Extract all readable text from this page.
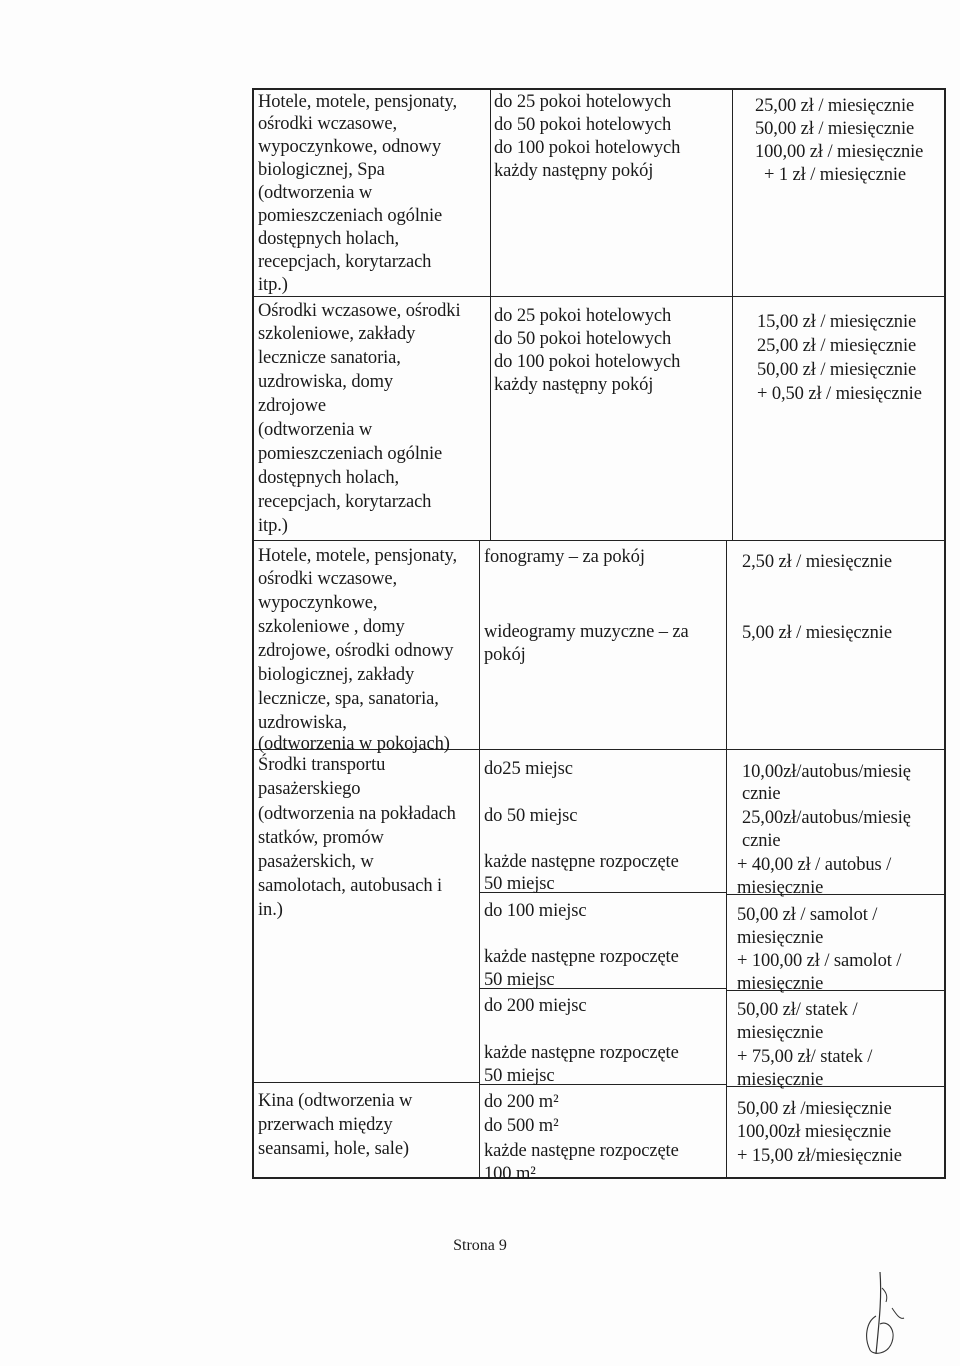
Hotele, motele, pensjonaty,
ośrodki wczasowe,
wypoczynkowe, odnowy
biologicznej, Spa
(odtworzenia w
pomieszczeniach ogólnie
dostępnych holach,
recepcjach, korytarzach
itp.)
do 25 pokoi hotelowych
do 50 pokoi hotelowych
do 100 pokoi hotelowych
każdy następny pokój
25,00 zł / miesięcznie
50,00 zł / miesięcznie
100,00 zł / miesięcznie
+ 1 zł / miesięcznie
Ośrodki wczasowe, ośrodki
szkoleniowe, zakłady
lecznicze sanatoria,
uzdrowiska, domy
zdrojowe
(odtworzenia w
pomieszczeniach ogólnie
dostępnych holach,
recepcjach, korytarzach
itp.)
do 25 pokoi hotelowych
do 50 pokoi hotelowych
do 100 pokoi hotelowych
każdy następny pokój
15,00 zł / miesięcznie
25,00 zł / miesięcznie
50,00 zł / miesięcznie
+ 0,50 zł / miesięcznie
Hotele, motele, pensjonaty,
ośrodki wczasowe,
wypoczynkowe,
szkoleniowe , domy
zdrojowe, ośrodki odnowy
biologicznej, zakłady
lecznicze, spa, sanatoria,
uzdrowiska,
(odtworzenia w pokojach)
fonogramy – za pokój
wideogramy muzyczne – za
pokój
2,50 zł / miesięcznie
5,00 zł / miesięcznie
Środki transportu
pasażerskiego
(odtworzenia na pokładach
statków, promów
pasażerskich, w
samolotach, autobusach i
in.)
do25 miejsc
do 50 miejsc
każde następne rozpoczęte
50 miejsc
do 100 miejsc
każde następne rozpoczęte
50 miejsc
do 200 miejsc
każde następne rozpoczęte
50 miejsc
10,00zł/autobus/miesię
cznie
25,00zł/autobus/miesię
cznie
+ 40,00 zł / autobus /
miesięcznie
50,00 zł / samolot /
miesięcznie
+ 100,00 zł / samolot /
miesięcznie
50,00 zł/ statek /
miesięcznie
+ 75,00 zł/ statek /
miesięcznie
Kina (odtworzenia w
przerwach między
seansami, hole, sale)
do 200 m²
do 500 m²
każde następne rozpoczęte
100 m²
50,00 zł /miesięcznie
100,00zł miesięcznie
+ 15,00 zł/miesięcznie
Strona 9
